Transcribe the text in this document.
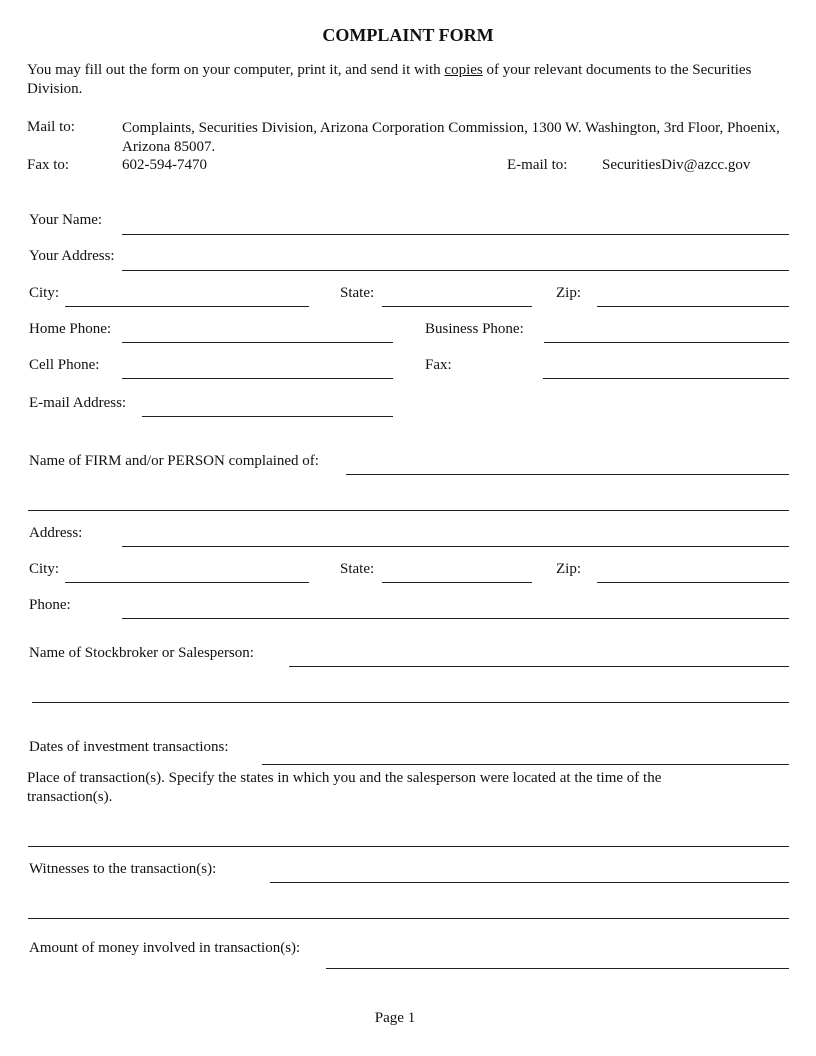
COMPLAINT FORM
You may fill out the form on your computer, print it, and send it with copies of your relevant documents to the Securities Division.
Mail to:	Complaints, Securities Division, Arizona Corporation Commission, 1300 W. Washington, 3rd Floor, Phoenix, Arizona 85007.
Fax to:	602-594-7470	E-mail to: SecuritiesDiv@azcc.gov
Your Name:
Your Address:
City:	State:	Zip:
Home Phone:	Business Phone:
Cell Phone:	Fax:
E-mail Address:
Name of FIRM and/or PERSON complained of:
Address:
City:	State:	Zip:
Phone:
Name of Stockbroker or Salesperson:
Dates of investment transactions:
Place of transaction(s). Specify the states in which you and the salesperson were located at the time of the transaction(s).
Witnesses to the transaction(s):
Amount of money involved in transaction(s):
Page 1
